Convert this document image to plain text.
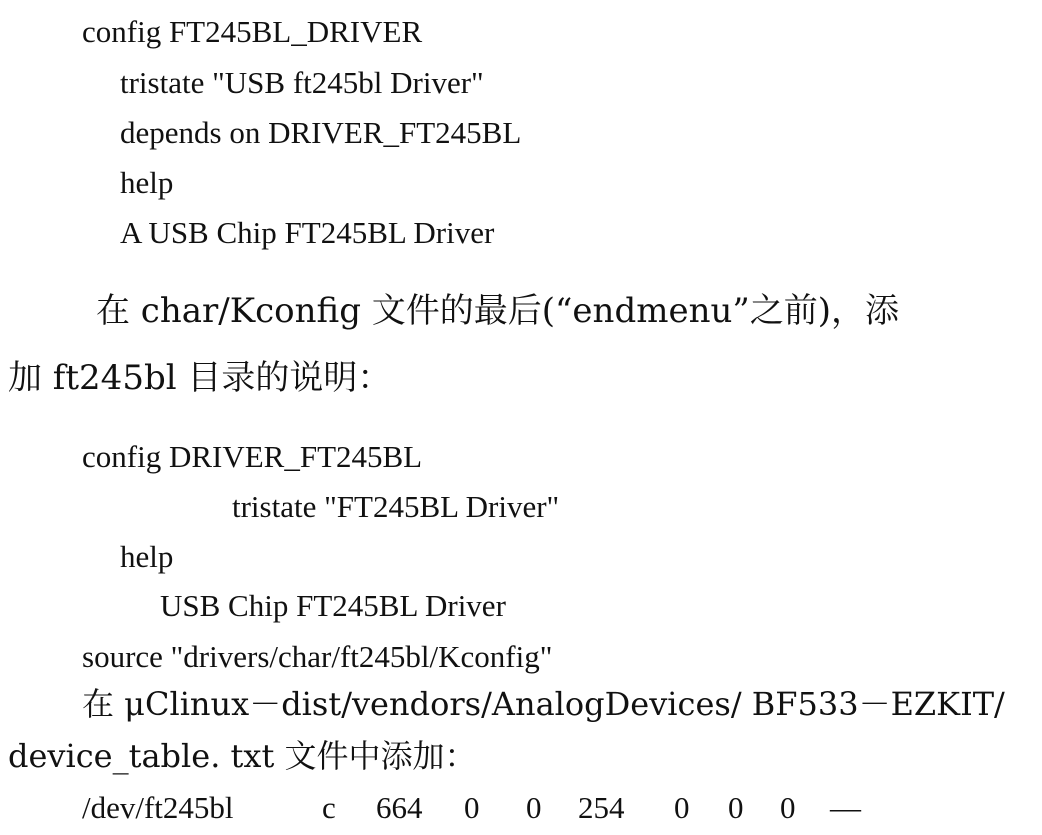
config FT245BL_DRIVER
tristate "USB ft245bl Driver"
depends on DRIVER_FT245BL
help
A USB Chip FT245BL Driver
在 char/Kconfig 文件的最后(“endmenu”之前)，添
加 ft245bl 目录的说明：
config DRIVER_FT245BL
tristate "FT245BL Driver"
help
USB Chip FT245BL Driver
source "drivers/char/ft245bl/Kconfig"
在 μClinux－dist/vendors/AnalogDevices/ BF533－EZKIT/
device_table. txt 文件中添加：
/dev/ft245bl	c 664 0 0 254 0 0 0 —
